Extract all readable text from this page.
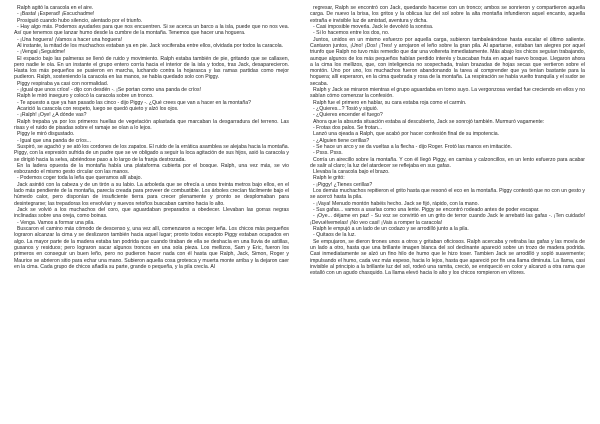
Ralph agitó la caracola en el aire.

- ¡Basta! ¡Esperad! ¡Escuchadme!

Prosiguió cuando hubo silencio, alentado por el triunfo.

- Hay algo más. Podemos ayudarles para que nos encuentren. Si se acerca un barco a la isla, puede que no nos vea. Así que tenemos que lanzar humo desde la cumbre de la montaña. Tenemos que hacer una hoguera.

- ¡Una hoguera! ¡Vamos a hacer una hoguera!

Al instante, la mitad de los muchachos estaban ya en pie. Jack vociferaba entre ellos, olvidada por todos la caracola.

- ¡Vengal ¡Seguidme!

El espacio bajo las palmeras se llenó de ruido y movimiento. Ralph estaba también de pie, gritando que se callasen, pero nadie le oía. En un instante el grupo entero corría hacia el interior de la isla y todos, tras Jack, desaparecieron. Hasta los más pequeños se pusieron en marcha, luchando contra la hojarasca y las ramas partidas como mejor pudieron. Ralph, sosteniendo la caracola en las manos, se había quedado solo con Piggy.

Piggy respiraba ya casi con normalidad.

- ¡Igual que unos críos! - dijo con desdén -. ¡Se portan como una panda de críos!

Ralph le miró inseguro y colocó la caracola sobre un tronco.

- Te apuesto a que ya han pasado las cinco - dijo Piggy -. ¿Qué crees que van a hacer en la montaña?

Acarició la caracola con respeto, luego se quedó quieto y alzó los ojos.

- ¡Ralph! ¡Oye! ¿A dónde vas?

Ralph trepaba ya por los primeros huellas de vegetación aplastada que marcaban la desgarradura del terreno. Las risas y el ruido de pisadas sobre el ramaje se oían a lo lejos.

Piggy le miró disgustado.

- Igual que una panda de críos...

Suspiró, se agachó y se ató los cordones de los zapatos. El ruido de la errática asamblea se alejaba hacia la montaña. Piggy, con la expresión sufrida de un padre que se ve obligado a seguir la loca agitación de sus hijos, asió la caracola y se dirigió hacia la selva, abriéndose paso a lo largo de la franja destrozada.

En la ladera opuesta de la montaña había una plataforma cubierta por el bosque. Ralph, una vez más, se vio esbozando el mismo gesto circular con las manos.

- Podemos coger toda la leña que queramos allí abajo.

Jack asintió con la cabeza y de un tirón a su labio. La arboleda que se ofrecía a unos treinta metros bajo ellos, en el lado más pendiente de la montaña, parecía creada para proveer de combustible. Los árboles crecían fácilmente bajo el húmedo calor, pero disponían de insuficiente tierra para crecer plenamente y pronto se desplomaban para desintegrarse; las trepadoras los envolvían y nuevos retoños buscaban camino hacia lo alto.

Jack se volvió a los muchachos del coro, que aguardaban preparados a obedecer. Llevaban las gorras negras inclinadas sobre una oreja, como boinas.

- Venga. Vamos a formar una pila.

Buscaron el camino más cómodo de descenso y, una vez allí, comenzaron a recoger leña. Los chicos más pequeños lograron alcanzar la cima y se deslizaron también hacia aquel lugar; pronto todos excepto Piggy estaban ocupados en algo. La mayor parte de la madera estaba tan podrida que cuando tiraban de ella se deshacía en una lluvia de astillas, gusanos y residuos; pero lograron sacar algunos troncos en una sola pieza. Los mellizos, Sam y Eric, fueron los primeros en conseguir un buen leño, pero no pudieron hacer nada con él hasta que Ralph, Jack, Simon, Roger y Maurice se abrieron sitio para echar una mano. Subieron aquella cosa grotesca y muerta monte arriba y la dejaron caer en la cima. Cada grupo de chicos añadía su parte, grande o pequeña, y la pila crecía. Al

regresar, Ralph se encontró con Jack, quedando hacerse con un tronco; ambos se sonrieron y compartieron aquella carga. De nuevo la brisa, los gritos y la oblicua luz del sol sobre la alta montaña infundieron aquel encanto, aquella extraña e invisible luz de amistad, aventura y dicha.

- Casi imposible moverla. Jack le devolvió la sonrisa.

- Si lo hacemos entre los dos, no.

Juntos, unidos en un mismo esfuerzo por aquella carga, subieron tambaleándose hasta escalar el último saliente. Cantaron juntos, ¡Uno! ¡Dos! ¡Tres! y arrojaron el leño sobre la gran pila. Al apartarse, estaban tan alegres por aquel triunfo que Ralph no tuvo más remedio que dar una voltereta inmediatamente. Más abajo los chicos seguían trabajando, aunque algunos de los más pequeños habían perdido interés y buscaban fruta en aquel nuevo bosque. Llegaron ahora a la cima los mellizos, que, con inteligencia no sospechada, traían brazadas de hojas secas que vertieron sobre el montón. Uno por uno, los muchachos fueron abandonando la tarea al comprender que ya tenían bastante para la hoguera; allí esperaron, en la cima quebrada y rosa de la montaña. La respiración se había vuelto tranquila y el sudor se secaba.

Ralph y Jack se miraron mientras el grupo aguardaba en torno suyo. La vergonzosa verdad fue creciendo en ellos y no sabían cómo comenzar la confesión.

Ralph fue el primero en hablar, su cara estaba roja como el carmín.

- ¿Quieres...? Tosió y siguió.

- ¿Quieres encender el fuego?

Ahora que la absurda situación estaba al descubierto, Jack se sonrojó también. Murmuró vagamente:

- Frotas dos palos. Se frotan...

Lanzó una ojeada a Ralph, que acabó por hacer confesión final de su impotencia.

- ¿Alguien tiene cerillas?

- Se hace un arco y se da vueltas a la flecha - dijo Roger. Frotó las manos en imitación.

- Psss. Psss.

Corría un airecillo sobre la montaña. Y con él llegó Piggy, en camisa y calzoncillos, en un lento esfuerzo para acabar de salir al claro; la luz del atardecer se reflejaba en sus gafas.

Llevaba la caracola bajo el brazo.

Ralph le gritó:

- ¡Piggy! ¿Tienes cerillas?

Los demás muchachos repitieron el grito hasta que resonó el eco en la montaña. Piggy contestó que no con un gesto y se acercó hasta la pila.

- ¡Vaya! Menudo montón habéis hecho. Jack se fijó, rápido, con la mano.

- Sus gafas... vamos a usarlas como una lente. Piggy se encontró rodeado antes de poder escapar.

- ¡Oye... déjame en paz! - Su voz se convirtió en un grito de terror cuando Jack le arrebató las gafas -. ¡Ten cuidado! ¡Devuélvemelas! ¡No veo casi! ¡Vais a romper la caracola!

Ralph le empujó a un lado de un codazo y se arrodilló junto a la pila.

- Quitaos de la luz.

Se empujaron, se dieron tirones unos a otros y gritaban oficiosos. Ralph acercaba y retiraba las gafas y las movía de un lado a otro, hasta que una brillante imagen blanca del sol declinante apareció sobre un trozo de madera podrida. Casi inmediatamente se alzó un fino hilo de humo que le hizo toser. Tambien Jack se arrodilló y sopló suavemente; impulsando el humo, cada vez más espeso, hacia lo lejos, hasta que apareció por fin una llama diminuta. La llama, casi invisible al principio a la brillante luz del sol, rodeó una ramita, creció, se enriqueció en color y alcanzó a otra rama que estalló con un agudo chasquido. La llama elevó hacia lo alto y los chicos rompieron en vítores.
